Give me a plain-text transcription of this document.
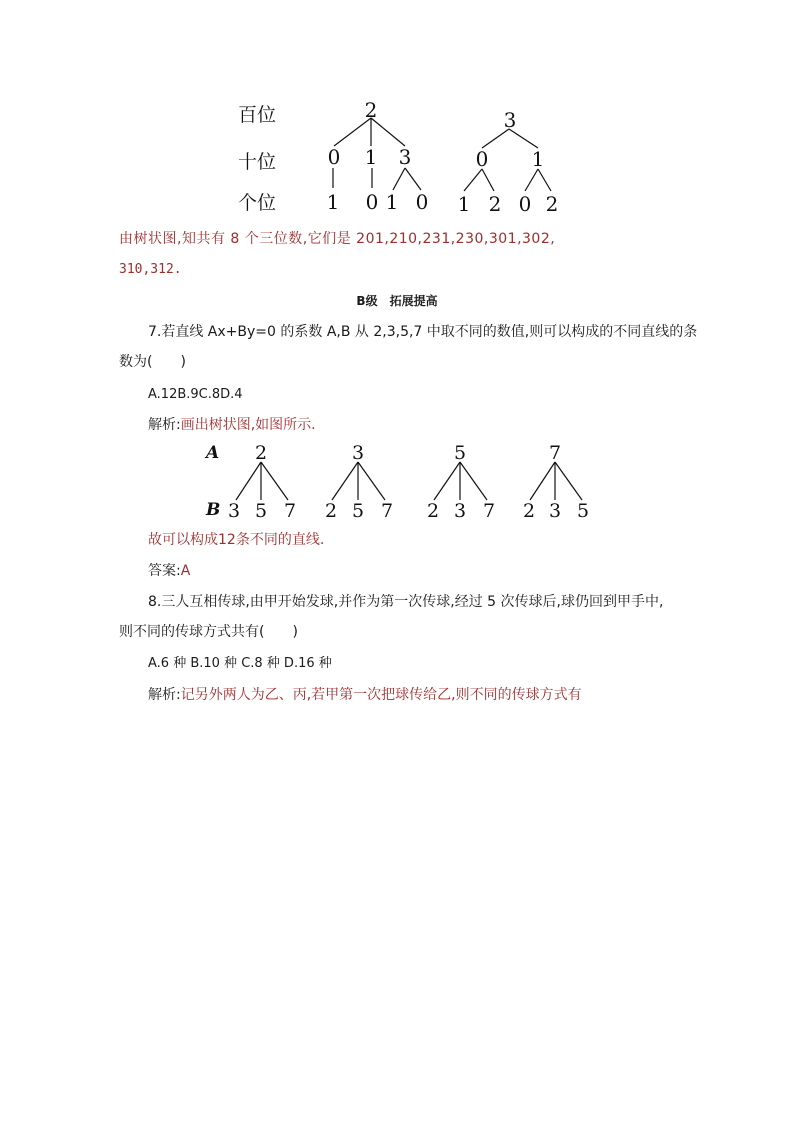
百位
十位
个位
2
0 1 3
1 0 1 0
3
0 1
1 2 0 2
由树状图,知共有 8 个三位数,它们是 201,210,231,230,301,302,
310,312.
B级　拓展提高
7.若直线 Ax+By=0 的系数 A,B 从 2,3,5,7 中取不同的数值,则可以构成的不同直线的条
数为(　　)
A.12B.9C.8D.4
解析:画出树状图,如图所示.
A
B
2
3 5 7
3
2 5 7
5
2 3 7
7
2 3 5
故可以构成12条不同的直线.
答案:A
8.三人互相传球,由甲开始发球,并作为第一次传球,经过 5 次传球后,球仍回到甲手中,
则不同的传球方式共有(　　)
A.6 种 B.10 种 C.8 种 D.16 种
解析:记另外两人为乙、丙,若甲第一次把球传给乙,则不同的传球方式有
